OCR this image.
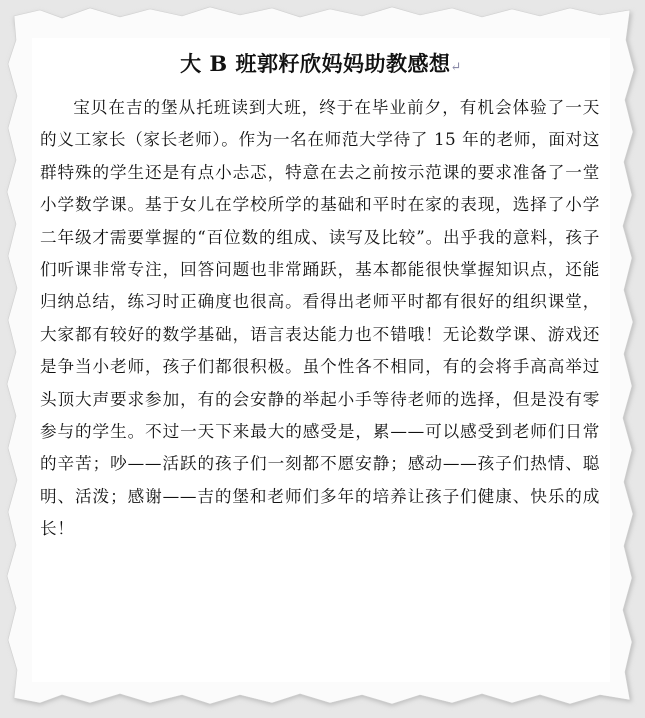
大 B 班郭籽欣妈妈助教感想↵

宝贝在吉的堡从托班读到大班，终于在毕业前夕，有机会体验了一天的义工家长（家长老师）。作为一名在师范大学待了 15 年的老师，面对这群特殊的学生还是有点小忐忑，特意在去之前按示范课的要求准备了一堂小学数学课。基于女儿在学校所学的基础和平时在家的表现，选择了小学二年级才需要掌握的“百位数的组成、读写及比较”。出乎我的意料，孩子们听课非常专注，回答问题也非常踊跃，基本都能很快掌握知识点，还能归纳总结，练习时正确度也很高。看得出老师平时都有很好的组织课堂，大家都有较好的数学基础，语言表达能力也不错哦！无论数学课、游戏还是争当小老师，孩子们都很积极。虽个性各不相同，有的会将手高高举过头顶大声要求参加，有的会安静的举起小手等待老师的选择，但是没有零参与的学生。不过一天下来最大的感受是，累——可以感受到老师们日常的辛苦；吵——活跃的孩子们一刻都不愿安静；感动——孩子们热情、聪明、活泼；感谢——吉的堡和老师们多年的培养让孩子们健康、快乐的成长！
